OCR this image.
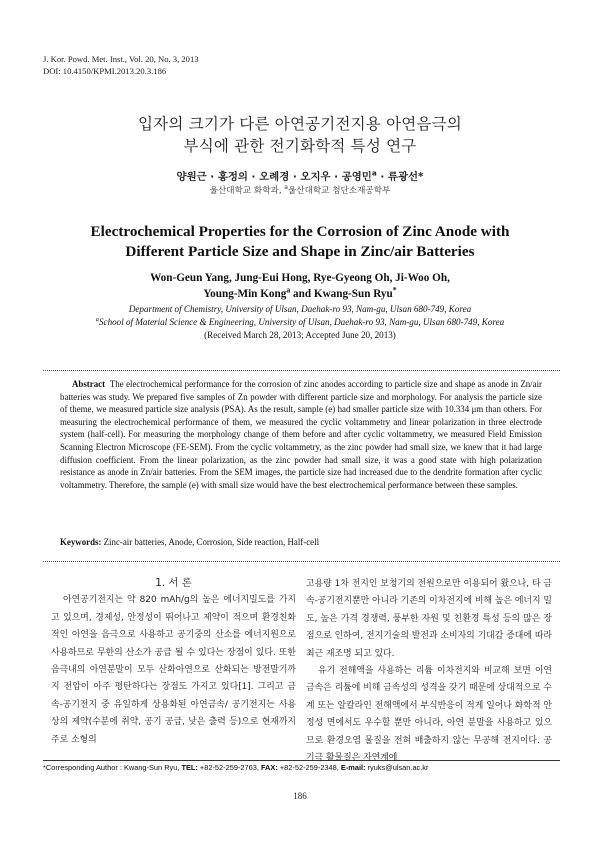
J. Kor. Powd. Met. Inst., Vol. 20, No. 3, 2013
DOI: 10.4150/KPMI.2013.20.3.186
입자의 크기가 다른 아연공기전지용 아연음극의
부식에 관한 전기화학적 특성 연구
양원근 · 홍정의 · 오례경 · 오지우 · 공영민$^a$ · 류광선*
울산대학교 화학과, $^a$울산대학교 첨단소재공학부
Electrochemical Properties for the Corrosion of Zinc Anode with
Different Particle Size and Shape in Zinc/air Batteries
Won-Geun Yang, Jung-Eui Hong, Rye-Gyeong Oh, Ji-Woo Oh,
Young-Min Kong$^a$ and Kwang-Sun Ryu*
Department of Chemistry, University of Ulsan, Daehak-ro 93, Nam-gu, Ulsan 680-749, Korea
$^a$School of Material Science & Engineering, University of Ulsan, Daehak-ro 93, Nam-gu, Ulsan 680-749, Korea
(Received March 28, 2013; Accepted June 20, 2013)
Abstract The electrochemical performance for the corrosion of zinc anodes according to particle size and shape as anode in Zn/air batteries was study. We prepared five samples of Zn powder with different particle size and morphology. For analysis the particle size of theme, we measured particle size analysis (PSA). As the result, sample (e) had smaller particle size with 10.334 μm than others. For measuring the electrochemical performance of them, we measured the cyclic voltammetry and linear polarization in three electrode system (half-cell). For measuring the morphology change of them before and after cyclic voltammetry, we measured Field Emission Scanning Electron Microscope (FE-SEM). From the cyclic voltammetry, as the zinc powder had small size, we knew that it had large diffusion coefficient. From the linear polarization, as the zinc powder had small size, it was a good state with high polarization resistance as anode in Zn/air batteries. From the SEM images, the particle size had increased due to the dendrite formation after cyclic voltammetry. Therefore, the sample (e) with small size would have the best electrochemical performance between these samples.
Keywords: Zinc-air batteries, Anode, Corrosion, Side reaction, Half-cell

1. 서 론

아연공기전지는 약 820 mAh/g의 높은 에너지밀도를 가지고 있으며, 경제성, 안정성이 뛰어나고 제약이 적으며 환경친화적인 아연을 음극으로 사용하고 공기중의 산소를 에너지원으로 사용하므로 무한의 산소가 공급 될 수 있다는 장점이 있다. 또한 음극내의 아연분말이 모두 산화아연으로 산화되는 방전말기까지 전압이 아주 평탄하다는 장점도 가지고 있다[1]. 그리고 금속-공기전지 중 유일하게 상용화된 아연금속/ 공기전지는 사용상의 제약(수분에 취약, 공기 공급, 낮은 출력 등)으로 현재까지 주로 소형의

고용량 1차 전지인 보청기의 전원으로만 이용되어 왔으나, 타 금속-공기전지뿐만 아니라 기존의 이차전지에 비해 높은 에너지 밀도, 높은 가격 경쟁력, 풍부한 자원 및 친환경 특성 등의 많은 장점으로 인하여, 전지기술의 발전과 소비자의 기대감 증대에 따라 최근 재조명 되고 있다.

유기 전해액을 사용하는 리튬 이차전지와 비교해 보면 이연금속은 리튬에 비해 금속성의 성격을 갖기 때문에 상대적으로 수계 또는 알칼라인 전해액에서 부식반응이 적게 일어나 화학적 안정성 면에서도 우수할 뿐만 아니라, 아연 분말을 사용하고 있으므로 환경오염 물질을 전혀 배출하지 않는 무공해 전지이다. 공기극 활물질은 자연계에

*Corresponding Author : Kwang-Sun Ryu, TEL: +82-52-259-2763, FAX: +82-52-259-2348, E-mail: ryuks@ulsan.ac.kr
186
